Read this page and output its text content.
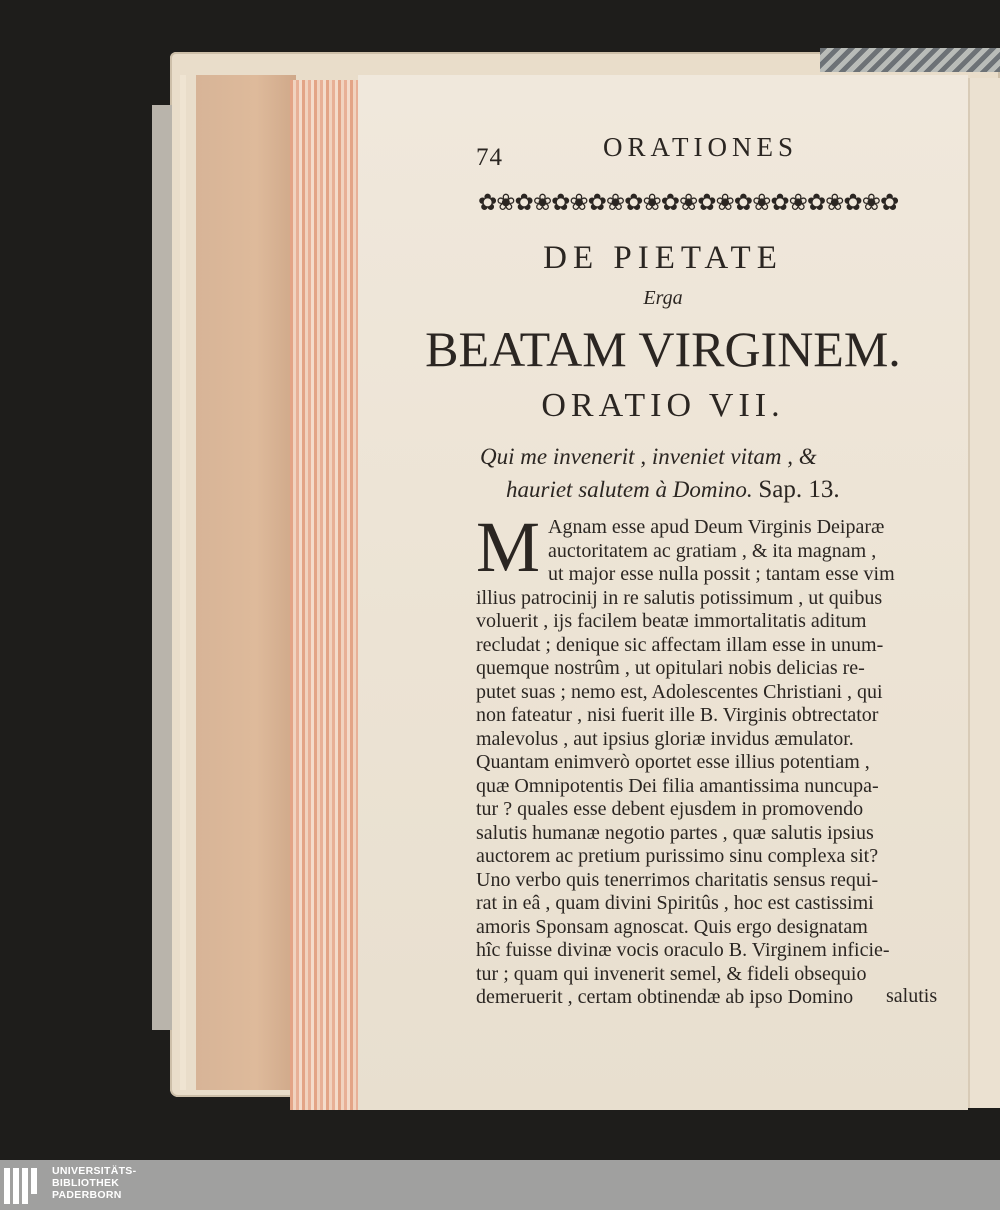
74	ORATIONES
✿❀✿❀✿❀✿❀✿❀✿❀✿❀✿❀✿❀✿❀✿❀✿
DE PIETATE
Erga
BEATAM VIRGINEM.
ORATIO VII.
Qui me invenerit , inveniet vitam , &
hauriet salutem à Domino. Sap. 13.
M Agnam esse apud Deum Virginis Deiparæ
auctoritatem ac gratiam , & ita magnam ,
ut major esse nulla possit ; tantam esse vim
illius patrocinij in re salutis potissimum , ut quibus
voluerit , ijs facilem beatæ immortalitatis aditum
recludat ; denique sic affectam illam esse in unum-
quemque nostrûm , ut opitulari nobis delicias re-
putet suas ; nemo est, Adolescentes Christiani , qui
non fateatur , nisi fuerit ille B. Virginis obtrectator
malevolus , aut ipsius gloriæ invidus æmulator.
Quantam enimverò oportet esse illius potentiam ,
quæ Omnipotentis Dei filia amantissima nuncupa-
tur ? quales esse debent ejusdem in promovendo
salutis humanæ negotio partes , quæ salutis ipsius
auctorem ac pretium purissimo sinu complexa sit?
Uno verbo quis tenerrimos charitatis sensus requi-
rat in eâ , quam divini Spiritûs , hoc est castissimi
amoris Sponsam agnoscat. Quis ergo designatam
hîc fuisse divinæ vocis oraculo B. Virginem inficie-
tur ; quam qui invenerit semel, & fideli obsequio
demeruerit , certam obtinendæ ab ipso Domino	salutis
UNIVERSITÄTS-
BIBLIOTHEK
PADERBORN
